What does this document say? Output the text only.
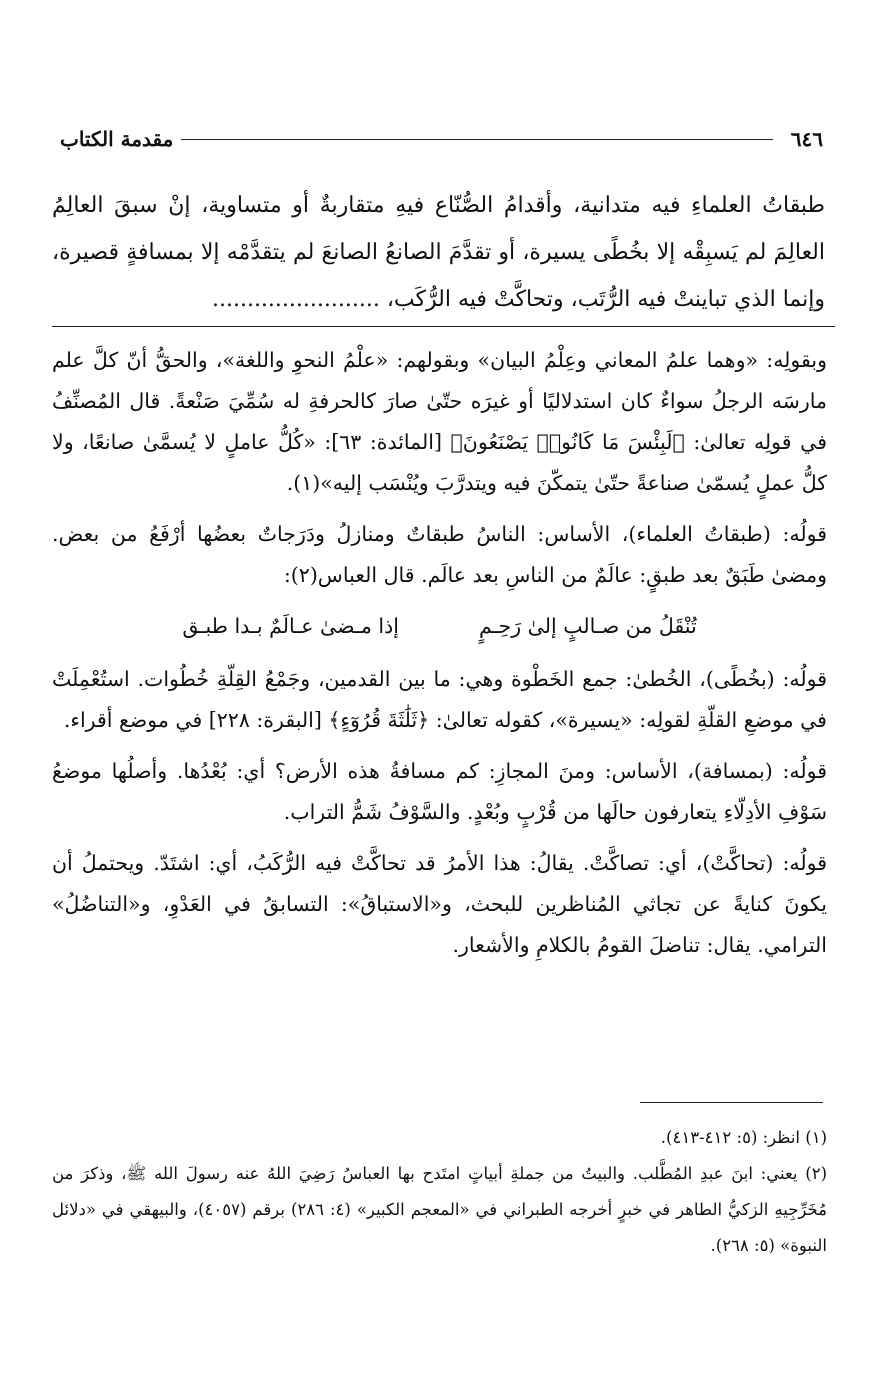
٦٤٦
مقدمة الكتاب
طبقاتُ العلماءِ فيه متدانية، وأقدامُ الصُّنّاع فيهِ متقاربةٌ أو متساوية، إنْ سبقَ العالِمُ العالِمَ لم يَسبِقْه إلا بخُطًى يسيرة، أو تقدَّمَ الصانعُ الصانعَ لم يتقدَّمْه إلا بمسافةٍ قصيرة، وإنما الذي تباينتْ فيه الرُّتَب، وتحاكَّتْ فيه الرُّكَب، ........................

وبقولِه: «وهما علمُ المعاني وعِلْمُ البيان» وبقولهم: «علْمُ النحوِ واللغة»، والحقُّ أنّ كلَّ علم مارسَه الرجلُ سواءٌ كان استدلاليًا أو غيرَه حتّىٰ صارَ كالحرفةِ له سُمِّيَ صَنْعةً. قال المُصنِّفُ في قولِه تعالىٰ: ﴿لَبِئْسَ مَا كَانُوا۟ يَصْنَعُونَ﴾ [المائدة: ٦٣]: «كُلُّ عاملٍ لا يُسمَّىٰ صانعًا، ولا كلُّ عملٍ يُسمّىٰ صناعةً حتّىٰ يتمكّنَ فيه ويتدرَّبَ ويُنْسَب إليه»(١).

قولُه: (طبقاتُ العلماء)، الأساس: الناسُ طبقاتٌ ومنازلُ ودَرَجاتٌ بعضُها أرْفَعُ من بعض. ومضىٰ طَبَقٌ بعد طبقٍ: عالَمٌ من الناسِ بعد عالَم. قال العباس(٢):

تُنْقَلُ من صـالبٍ إلىٰ رَحِـمٍ
إذا مـضىٰ عـالَمٌ بـدا طبـق

قولُه: (بخُطًى)، الخُطىٰ: جمع الخَطْوة وهي: ما بين القدمين، وجَمْعُ القِلّةِ خُطُوات. استُعْمِلَتْ في موضعِ القلّةِ لقولِه: «يسيرة»، كقوله تعالىٰ: ﴿ثَلَٰثَةَ قُرُوٓءٍ﴾ [البقرة: ٢٢٨] في موضع أقراء.

قولُه: (بمسافة)، الأساس: ومنَ المجازِ: كم مسافةُ هذه الأرض؟ أي: بُعْدُها. وأصلُها موضعُ سَوْفِ الأدِلّاءِ يتعارفون حالَها من قُرْبٍ وبُعْدٍ. والسَّوْفُ شَمُّ التراب.

قولُه: (تحاكَّتْ)، أي: تصاكَّتْ. يقالُ: هذا الأمرُ قد تحاكَّتْ فيه الرُّكَبُ، أي: اشتَدّ. ويحتملُ أن يكونَ كنايةً عن تجاثي المُناظرين للبحث، و«الاستباقُ»: التسابقُ في العَدْوِ، و«التناضُلُ» الترامي. يقال: تناضلَ القومُ بالكلامِ والأشعار.

(١) انظر: (٥: ٤١٢-٤١٣).

(٢) يعني: ابنَ عبدِ المُطَّلب. والبيتُ من جملةِ أبياتٍ امتَدح بها العباسُ رَضِيَ اللهُ عنه رسولَ الله ﷺ، وذكرَ من مُخَرِّجِيهِ الزكيُّ الطاهر في خبرٍ أخرجه الطبراني في «المعجم الكبير» (٤: ٢٨٦) برقم (٤٠٥٧)، والبيهقي في «دلائل النبوة» (٥: ٢٦٨).
